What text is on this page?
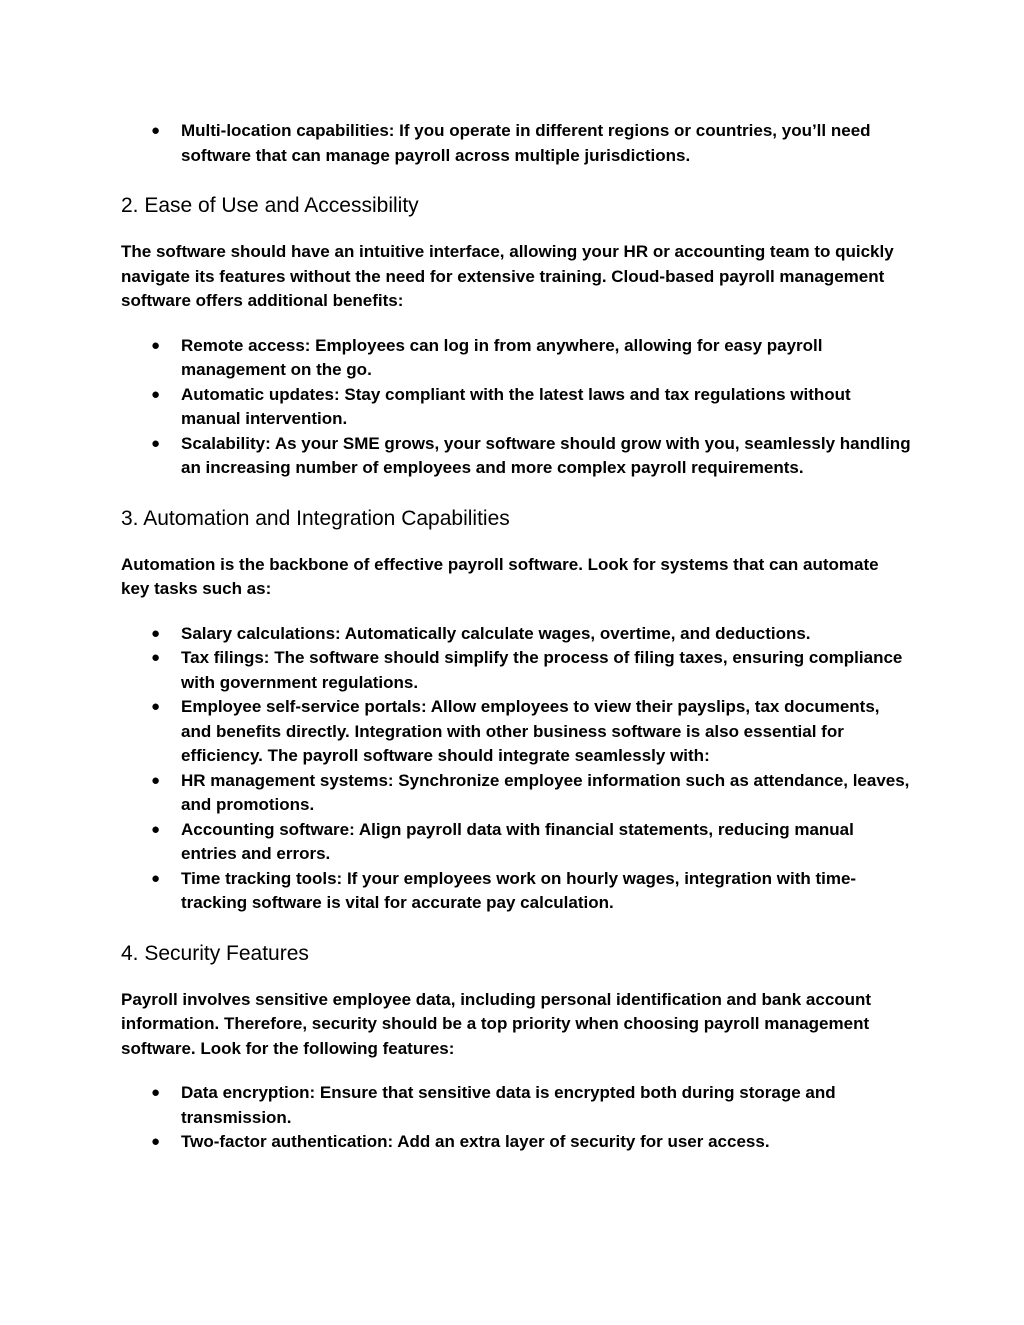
● Multi-location capabilities: If you operate in different regions or countries, you’ll need software that can manage payroll across multiple jurisdictions.
2. Ease of Use and Accessibility

The software should have an intuitive interface, allowing your HR or accounting team to quickly navigate its features without the need for extensive training. Cloud-based payroll management software offers additional benefits:

● Remote access: Employees can log in from anywhere, allowing for easy payroll management on the go.
● Automatic updates: Stay compliant with the latest laws and tax regulations without manual intervention.
● Scalability: As your SME grows, your software should grow with you, seamlessly handling an increasing number of employees and more complex payroll requirements.
3. Automation and Integration Capabilities

Automation is the backbone of effective payroll software. Look for systems that can automate key tasks such as:

● Salary calculations: Automatically calculate wages, overtime, and deductions.
● Tax filings: The software should simplify the process of filing taxes, ensuring compliance with government regulations.
● Employee self-service portals: Allow employees to view their payslips, tax documents, and benefits directly. Integration with other business software is also essential for efficiency. The payroll software should integrate seamlessly with:
● HR management systems: Synchronize employee information such as attendance, leaves, and promotions.
● Accounting software: Align payroll data with financial statements, reducing manual entries and errors.
● Time tracking tools: If your employees work on hourly wages, integration with time-tracking software is vital for accurate pay calculation.
4. Security Features

Payroll involves sensitive employee data, including personal identification and bank account information. Therefore, security should be a top priority when choosing payroll management software. Look for the following features:

● Data encryption: Ensure that sensitive data is encrypted both during storage and transmission.
● Two-factor authentication: Add an extra layer of security for user access.
